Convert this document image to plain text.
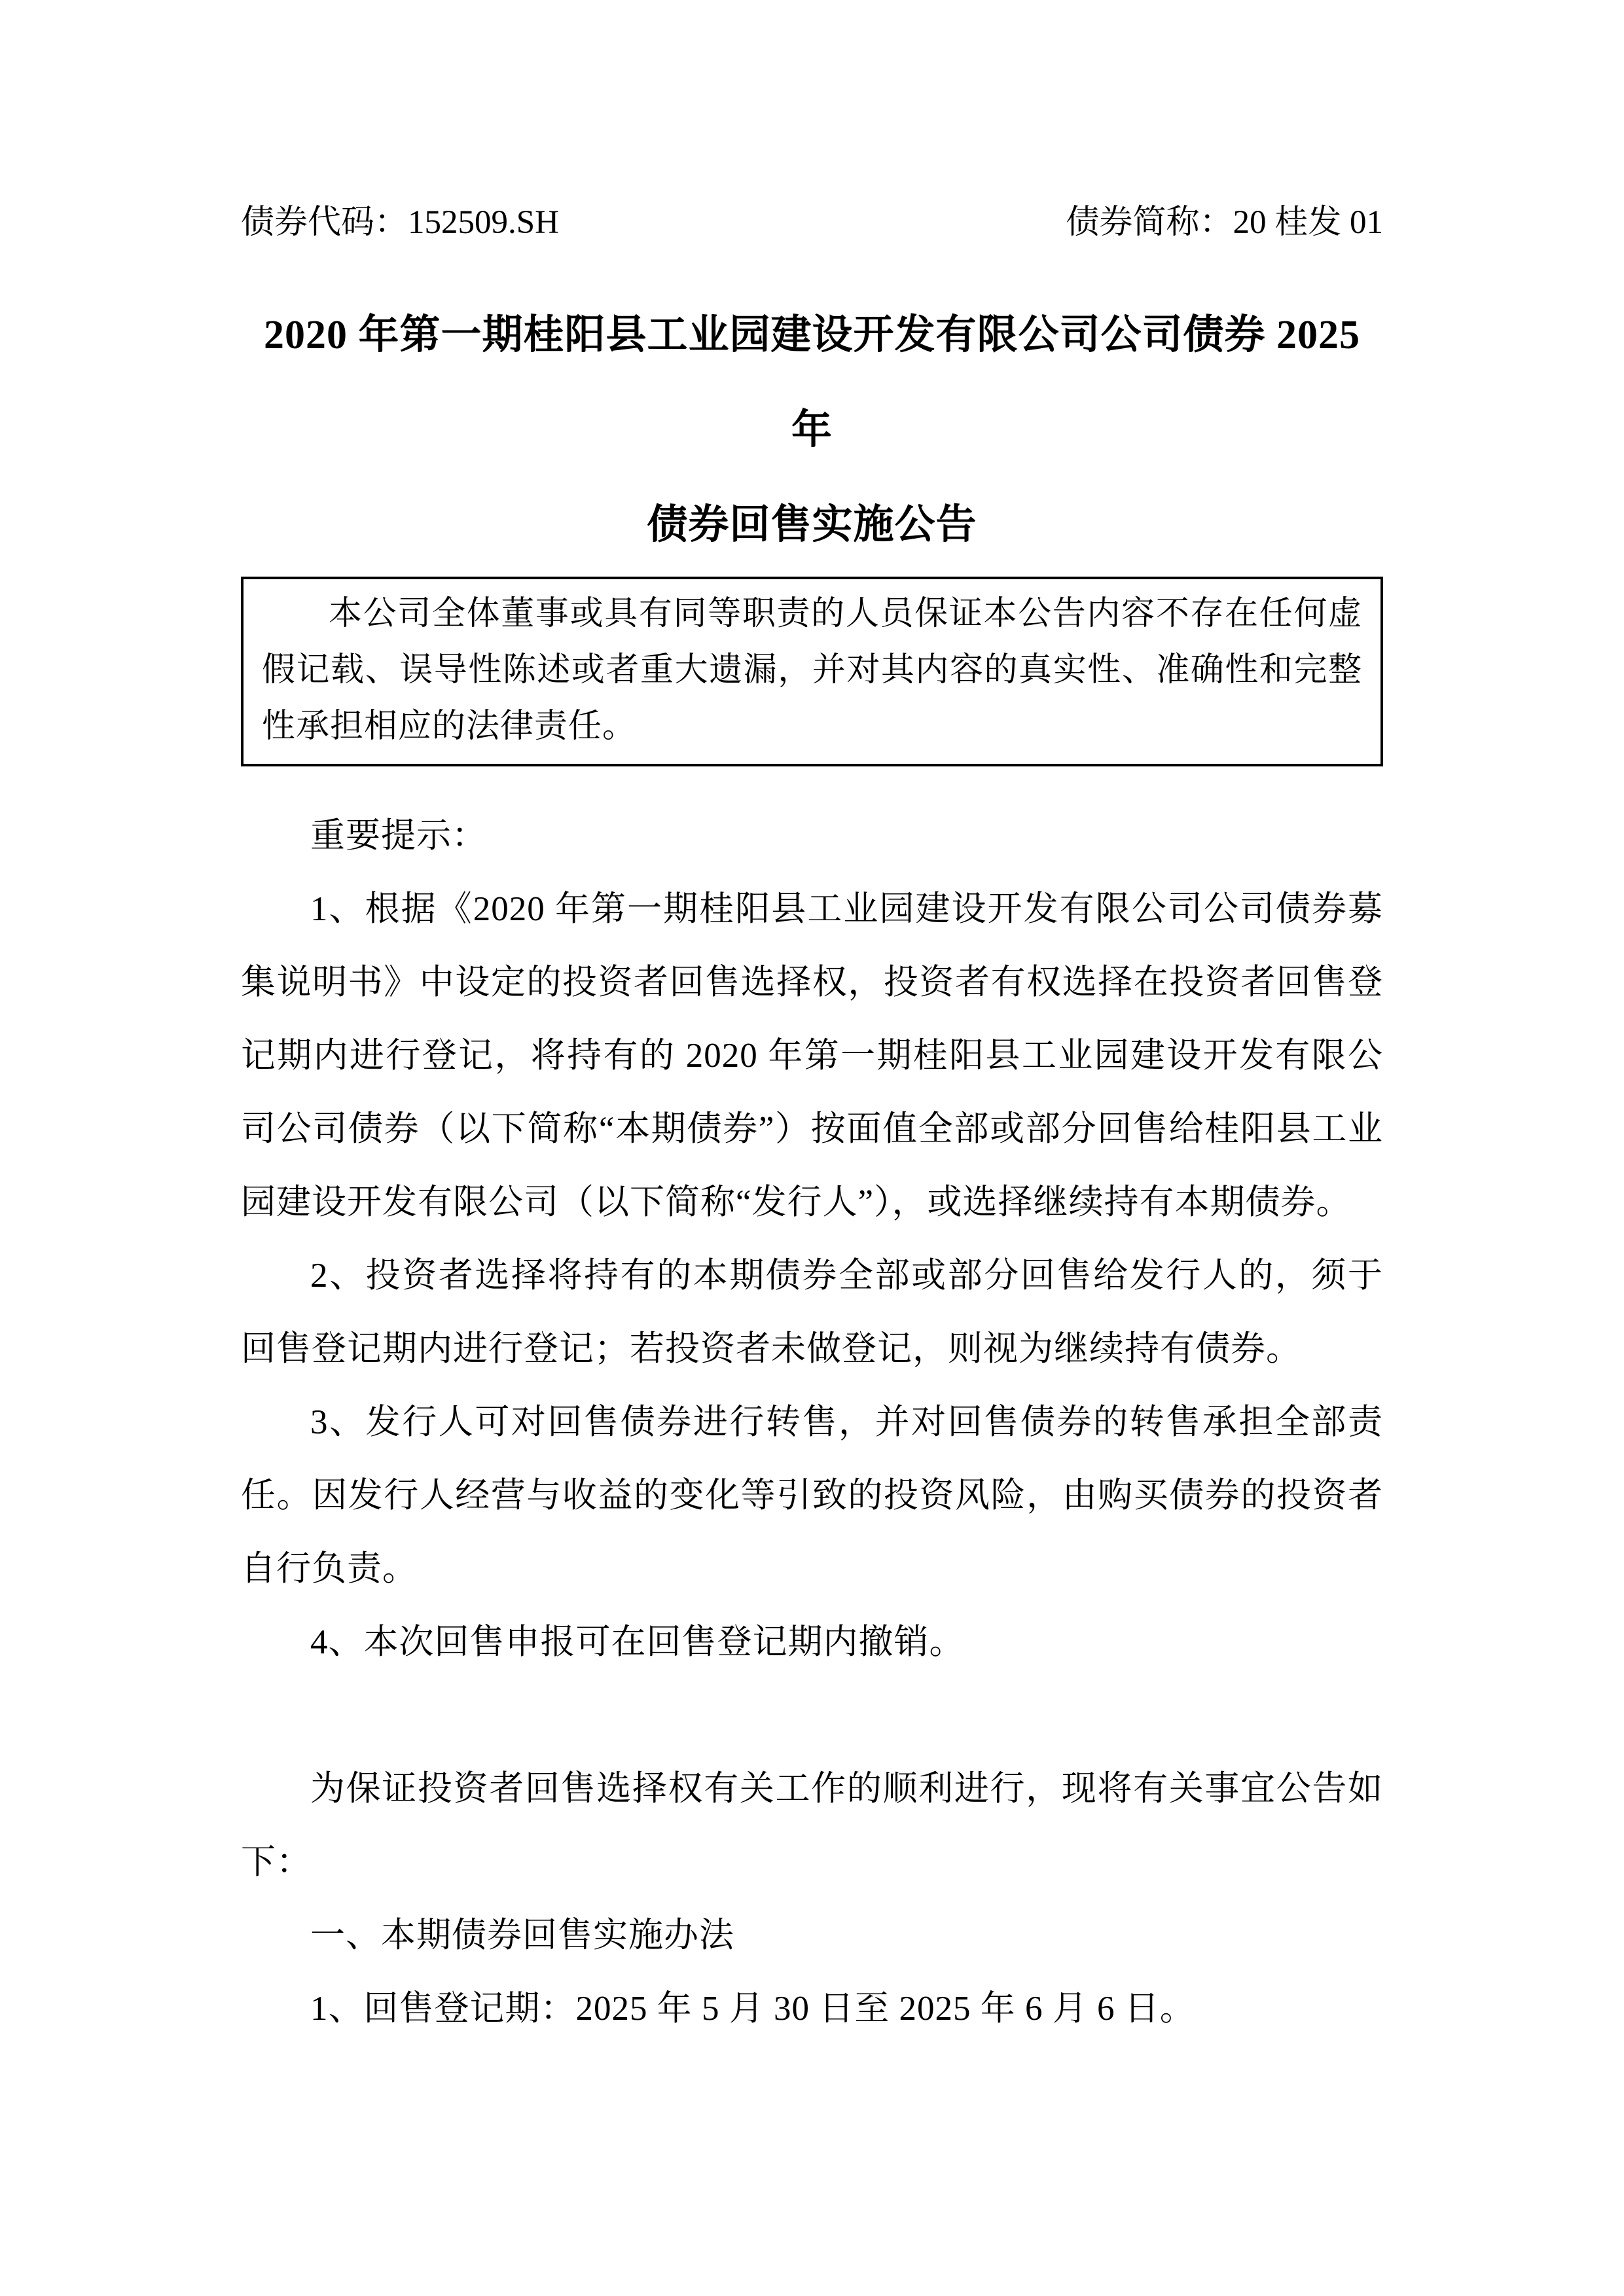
债券代码：152509.SH	债券简称：20 桂发 01
2020 年第一期桂阳县工业园建设开发有限公司公司债券 2025 年
债券回售实施公告

本公司全体董事或具有同等职责的人员保证本公告内容不存在任何虚假记载、误导性陈述或者重大遗漏，并对其内容的真实性、准确性和完整性承担相应的法律责任。

重要提示：

1、根据《2020 年第一期桂阳县工业园建设开发有限公司公司债券募集说明书》中设定的投资者回售选择权，投资者有权选择在投资者回售登记期内进行登记，将持有的 2020 年第一期桂阳县工业园建设开发有限公司公司债券（以下简称“本期债券”）按面值全部或部分回售给桂阳县工业园建设开发有限公司（以下简称“发行人”），或选择继续持有本期债券。

2、投资者选择将持有的本期债券全部或部分回售给发行人的，须于回售登记期内进行登记；若投资者未做登记，则视为继续持有债券。

3、发行人可对回售债券进行转售，并对回售债券的转售承担全部责任。因发行人经营与收益的变化等引致的投资风险，由购买债券的投资者自行负责。

4、本次回售申报可在回售登记期内撤销。

为保证投资者回售选择权有关工作的顺利进行，现将有关事宜公告如下：

一、本期债券回售实施办法

1、回售登记期：2025 年 5 月 30 日至 2025 年 6 月 6 日。
